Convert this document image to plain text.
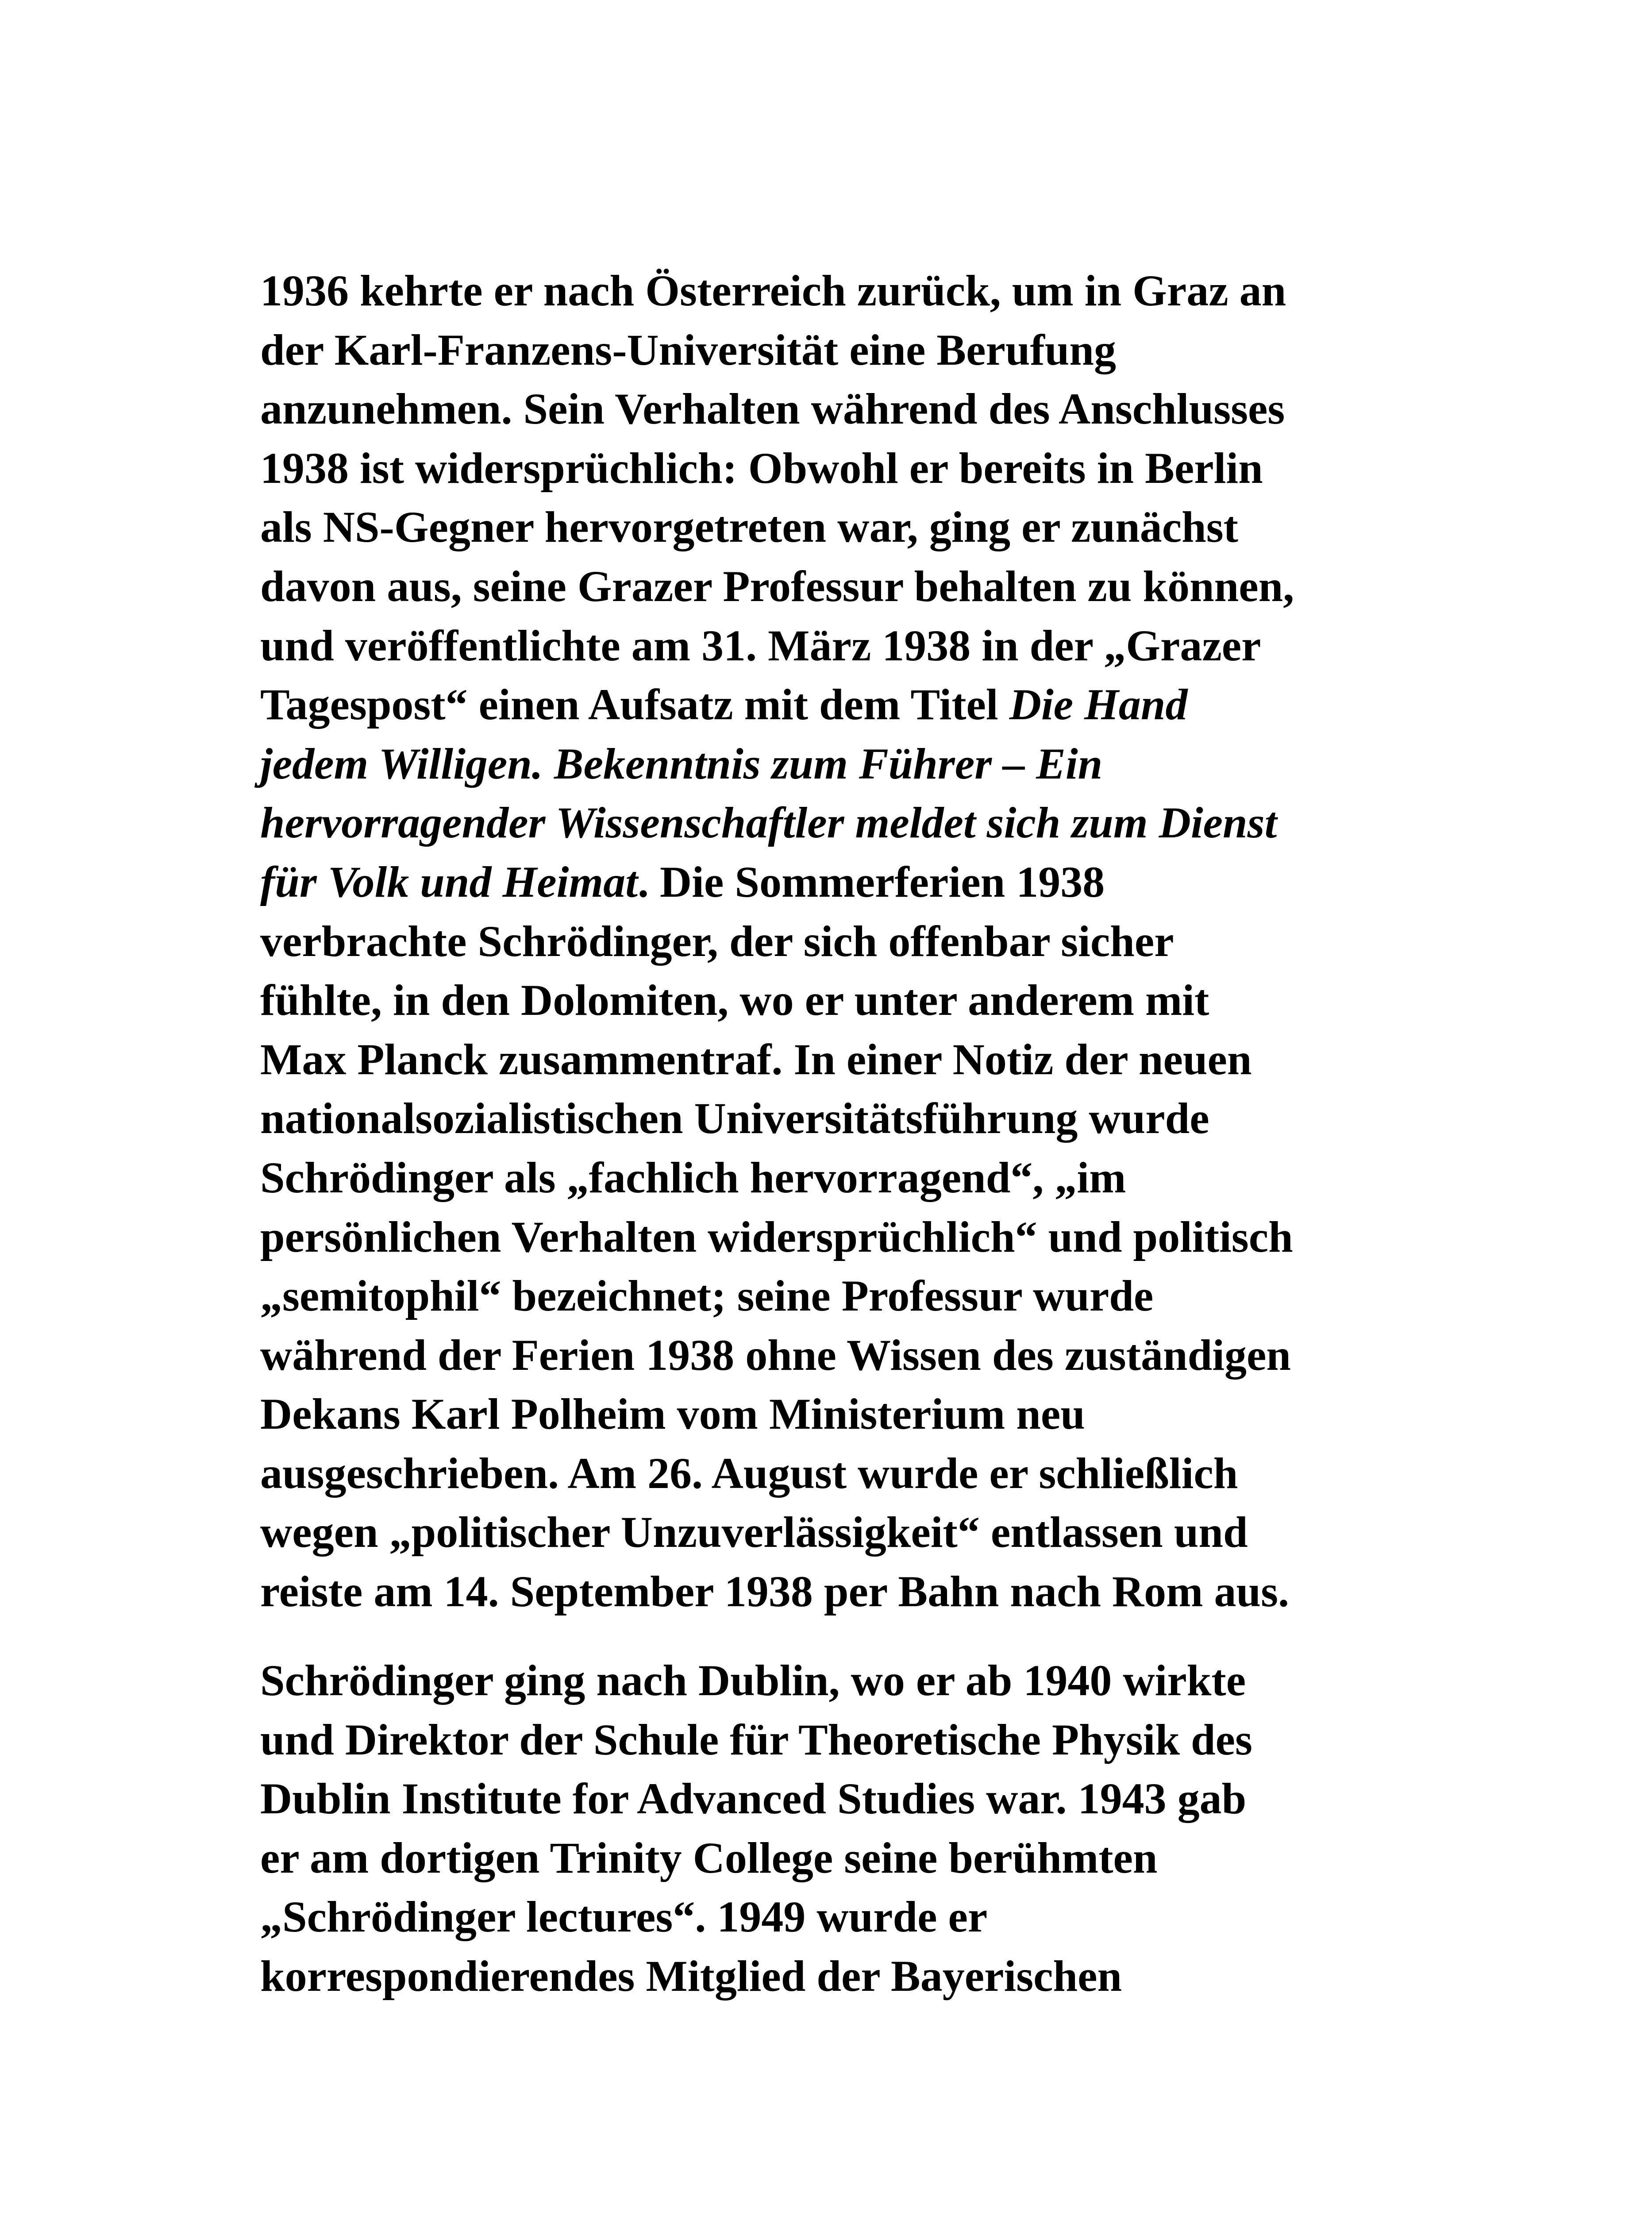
1936 kehrte er nach Österreich zurück, um in Graz an
der Karl-Franzens-Universität eine Berufung
anzunehmen. Sein Verhalten während des Anschlusses
1938 ist widersprüchlich: Obwohl er bereits in Berlin
als NS-Gegner hervorgetreten war, ging er zunächst
davon aus, seine Grazer Professur behalten zu können,
und veröffentlichte am 31. März 1938 in der „Grazer
Tagespost“ einen Aufsatz mit dem Titel Die Hand
jedem Willigen. Bekenntnis zum Führer – Ein
hervorragender Wissenschaftler meldet sich zum Dienst
für Volk und Heimat. Die Sommerferien 1938
verbrachte Schrödinger, der sich offenbar sicher
fühlte, in den Dolomiten, wo er unter anderem mit
Max Planck zusammentraf. In einer Notiz der neuen
nationalsozialistischen Universitätsführung wurde
Schrödinger als „fachlich hervorragend“, „im
persönlichen Verhalten widersprüchlich“ und politisch
„semitophil“ bezeichnet; seine Professur wurde
während der Ferien 1938 ohne Wissen des zuständigen
Dekans Karl Polheim vom Ministerium neu
ausgeschrieben. Am 26. August wurde er schließlich
wegen „politischer Unzuverlässigkeit“ entlassen und
reiste am 14. September 1938 per Bahn nach Rom aus.
Schrödinger ging nach Dublin, wo er ab 1940 wirkte
und Direktor der Schule für Theoretische Physik des
Dublin Institute for Advanced Studies war. 1943 gab
er am dortigen Trinity College seine berühmten
„Schrödinger lectures“. 1949 wurde er
korrespondierendes Mitglied der Bayerischen
